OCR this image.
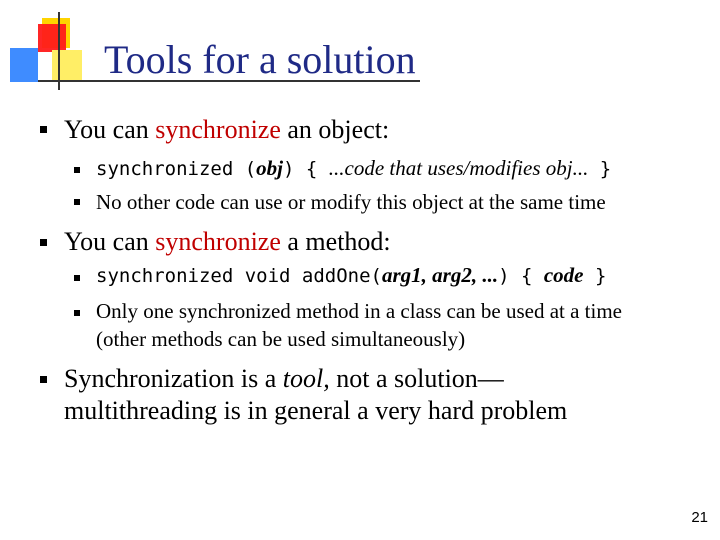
Tools for a solution
You can synchronize an object:
synchronized (obj) { ...code that uses/modifies obj... }
No other code can use or modify this object at the same time
You can synchronize a method:
synchronized void addOne(arg1, arg2, ...) { code }
Only one synchronized method in a class can be used at a time
(other methods can be used simultaneously)
Synchronization is a tool, not a solution—
multithreading is in general a very hard problem
21
